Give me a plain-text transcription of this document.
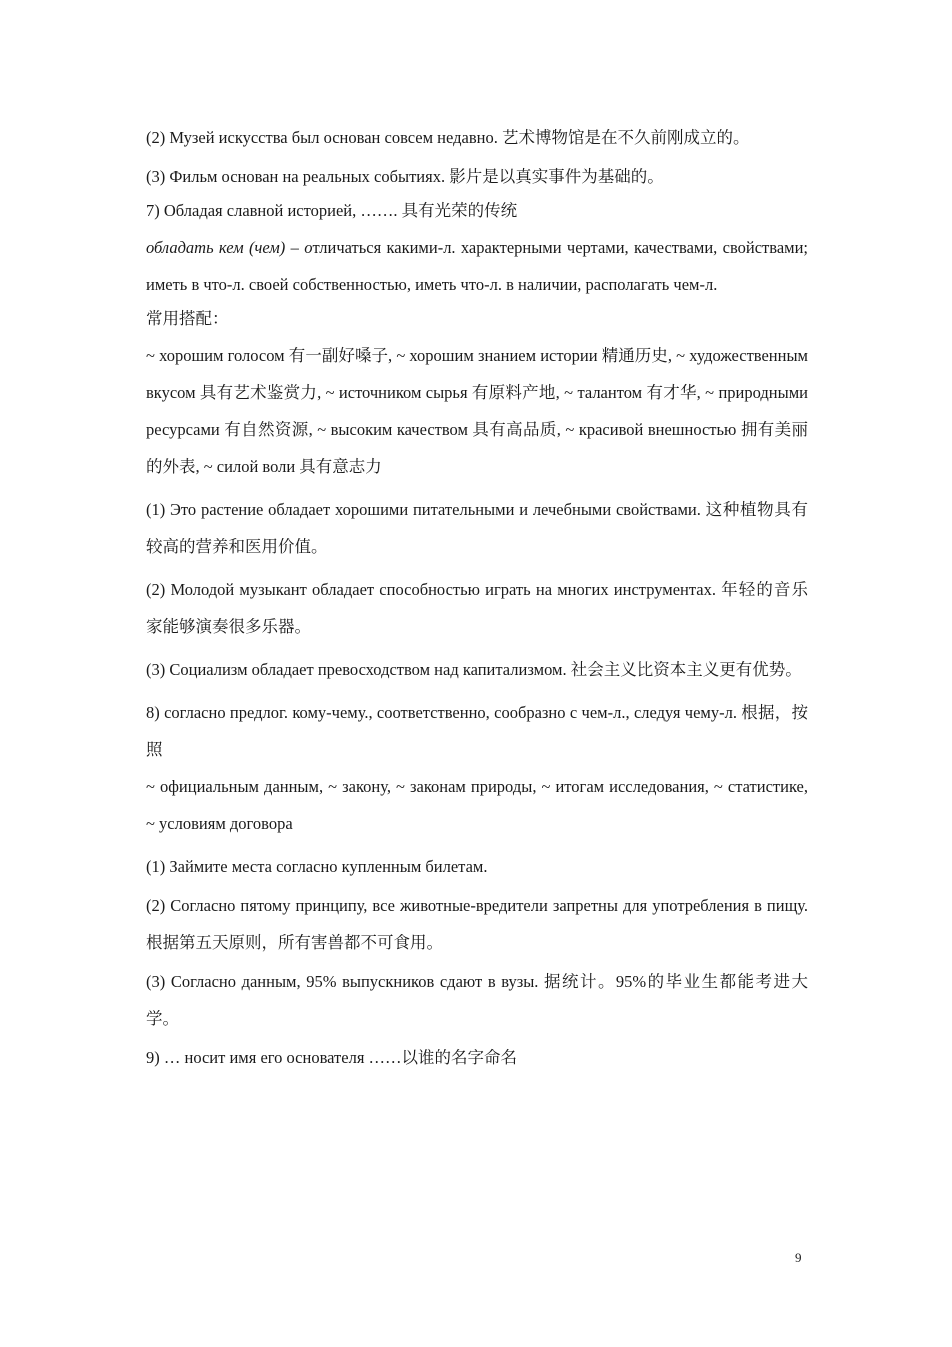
(2) Музей искусства был основан совсем недавно. 艺术博物馆是在不久前刚成立的。

(3) Фильм основан на реальных событиях. 影片是以真实事件为基础的。

7) Обладая славной историей, ……. 具有光荣的传统

обладать кем (чем) – отличаться какими-л. характерными чертами, качествами, свойствами; иметь в что-л. своей собственностью, иметь что-л. в наличии, располагать чем-л.

常用搭配：

~ хорошим голосом 有一副好嗓子, ~ хорошим знанием истории 精通历史, ~ художественным вкусом 具有艺术鉴赏力, ~ источником сырья 有原料产地, ~ талантом 有才华, ~ природными ресурсами 有自然资源, ~ высоким качеством 具有高品质, ~ красивой внешностью 拥有美丽的外表, ~ силой воли 具有意志力

(1) Это растение обладает хорошими питательными и лечебными свойствами. 这种植物具有较高的营养和医用价值。

(2) Молодой музыкант обладает способностью играть на многих инструментах. 年轻的音乐家能够演奏很多乐器。

(3) Социализм обладает превосходством над капитализмом. 社会主义比资本主义更有优势。

8) согласно предлог. кому-чему., соответственно, сообразно с чем-л., следуя чему-л. 根据，按照

~ официальным данным, ~ закону, ~ законам природы, ~ итогам исследования, ~ статистике, ~ условиям договора

(1) Займите места согласно купленным билетам.

(2) Согласно пятому принципу, все животные-вредители запретны для употребления в пищу. 根据第五天原则，所有害兽都不可食用。

(3) Согласно данным, 95% выпускников сдают в вузы. 据统计。95%的毕业生都能考进大学。

9) … носит имя его основателя ……以谁的名字命名

9
